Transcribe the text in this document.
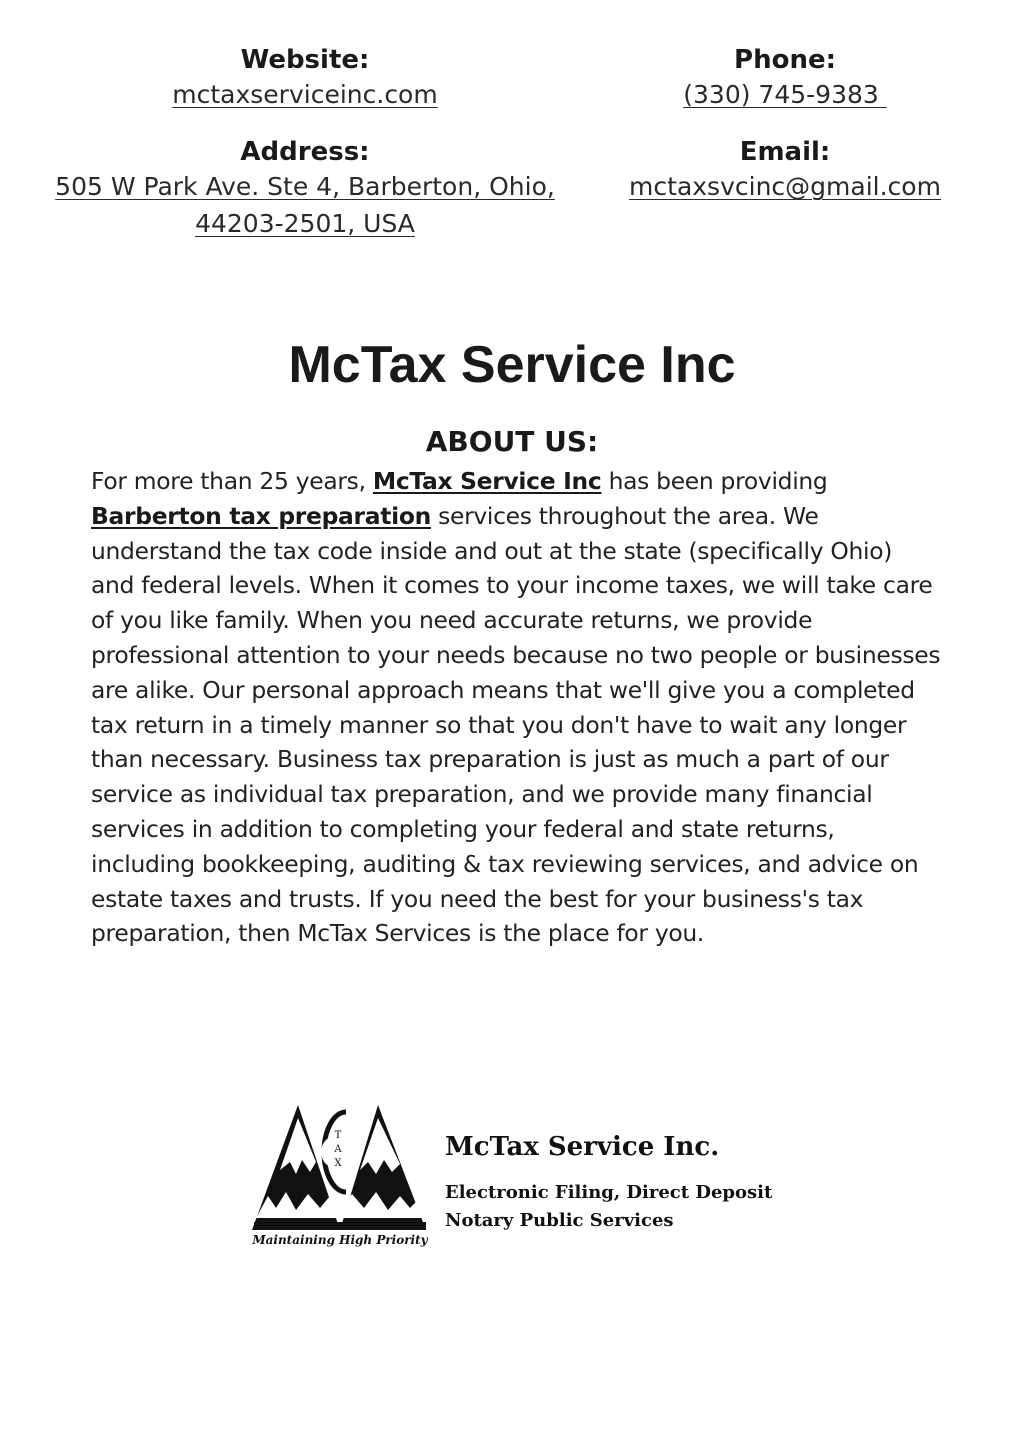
Website:
mctaxserviceinc.com
Phone:
(330) 745-9383
Address:
505 W Park Ave. Ste 4, Barberton, Ohio,
44203-2501, USA
Email:
mctaxsvcinc@gmail.com
McTax Service Inc
ABOUT US:
For more than 25 years, McTax Service Inc has been providing Barberton tax preparation services throughout the area. We understand the tax code inside and out at the state (specifically Ohio) and federal levels. When it comes to your income taxes, we will take care of you like family. When you need accurate returns, we provide professional attention to your needs because no two people or businesses are alike. Our personal approach means that we'll give you a completed tax return in a timely manner so that you don't have to wait any longer than necessary. Business tax preparation is just as much a part of our service as individual tax preparation, and we provide many financial services in addition to completing your federal and state returns, including bookkeeping, auditing & tax reviewing services, and advice on estate taxes and trusts. If you need the best for your business's tax preparation, then McTax Services is the place for you.
T
A
X
Maintaining High Priority
McTax Service Inc.
Electronic Filing, Direct Deposit
Notary Public Services
